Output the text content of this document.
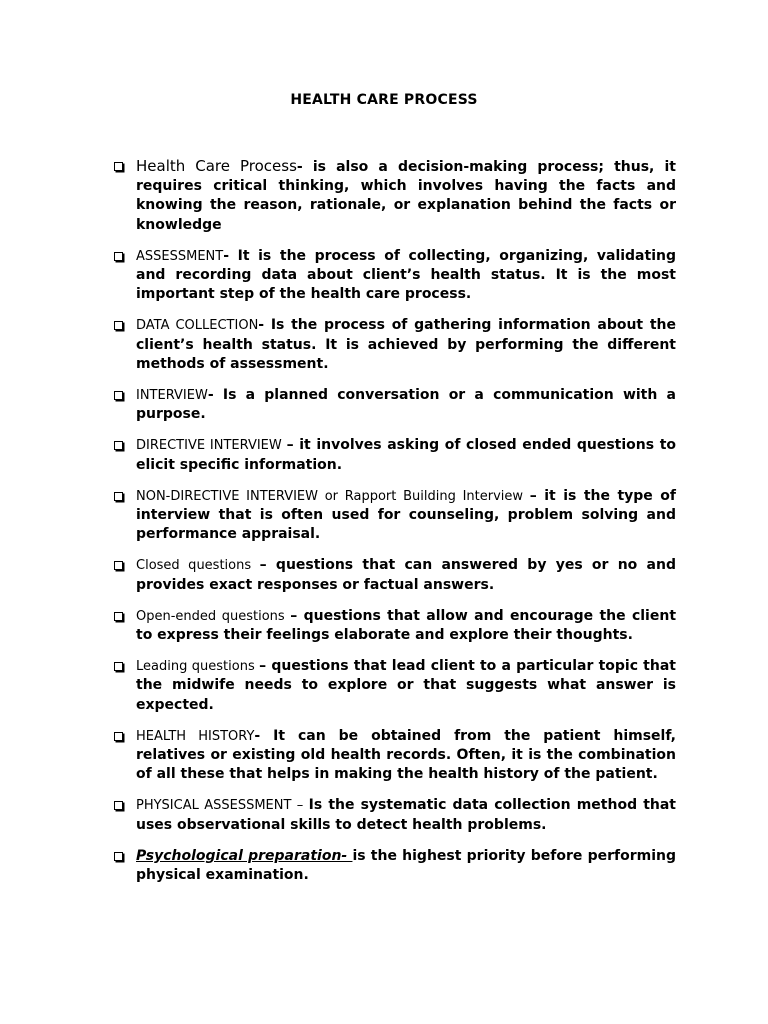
HEALTH CARE PROCESS
Health Care Process- is also a decision-making process; thus, it requires critical thinking, which involves having the facts and knowing the reason, rationale, or explanation behind the facts or knowledge
ASSESSMENT- It is the process of collecting, organizing, validating and recording data about client’s health status. It is the most important step of the health care process.
DATA COLLECTION- Is the process of gathering information about the client’s health status. It is achieved by performing the different methods of assessment.
INTERVIEW- Is a planned conversation or a communication with a purpose.
DIRECTIVE INTERVIEW – it involves asking of closed ended questions to elicit specific information.
NON-DIRECTIVE INTERVIEW or Rapport Building Interview – it is the type of interview that is often used for counseling, problem solving and performance appraisal.
Closed questions – questions that can answered by yes or no and provides exact responses or factual answers.
Open-ended questions – questions that allow and encourage the client to express their feelings elaborate and explore their thoughts.
Leading questions – questions that lead client to a particular topic that the midwife needs to explore or that suggests what answer is expected.
HEALTH HISTORY- It can be obtained from the patient himself, relatives or existing old health records. Often, it is the combination of all these that helps in making the health history of the patient.
PHYSICAL ASSESSMENT – Is the systematic data collection method that uses observational skills to detect health problems.
Psychological preparation- is the highest priority before performing physical examination.
